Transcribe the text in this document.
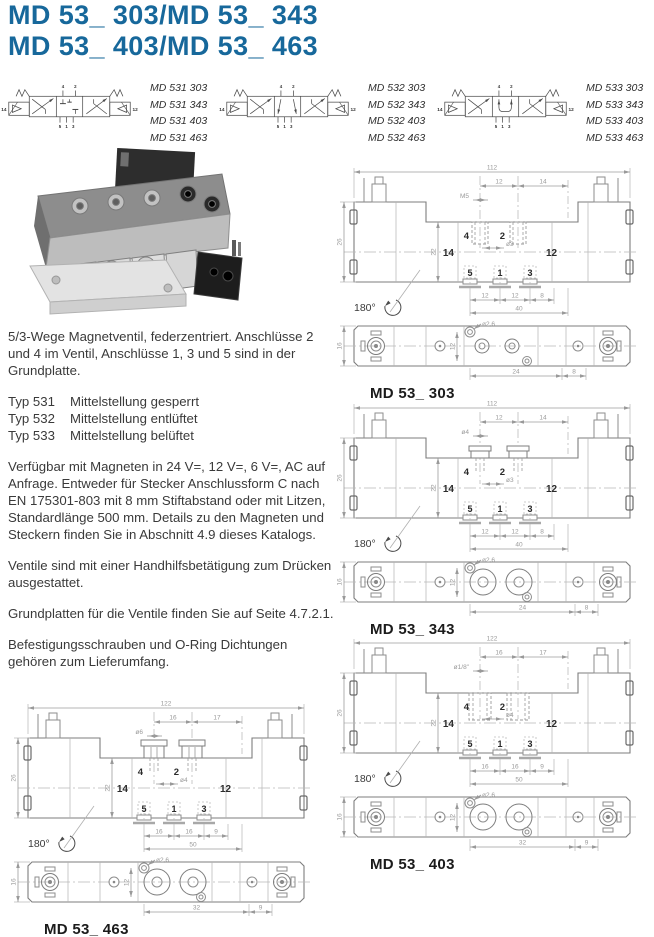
MD 53_ 303/MD 53_ 343
MD 53_ 403/MD 53_ 463
4 2
5 1 3
14	12
MD 531 303
MD 531 343
MD 531 403
MD 531 463
4 2
5 1 3
14	12
MD 532 303
MD 532 343
MD 532 403
MD 532 463
4 2
5 1 3
14	12
MD 533 303
MD 533 343
MD 533 403
MD 533 463

5/3-Wege Magnetventil, federzentriert. Anschlüsse 2 und 4 im Ventil, Anschlüsse 1, 3 und 5 sind in der Grundplatte.

Typ 531	Mittelstellung gesperrt
Typ 532	Mittelstellung entlüftet
Typ 533	Mittelstellung belüftet

Verfügbar mit Magneten in 24 V=, 12 V=, 6 V=, AC auf Anfrage. Entweder für Stecker Anschlussform C nach EN 175301-803 mit 8 mm Stiftabstand oder mit Litzen, Standardlänge 500 mm. Details zu den Magneten und Steckern finden Sie in Abschnitt 4.9 dieses Katalogs.

Ventile sind mit einer Handhilfsbetätigung zum Drücken ausgestattet.

Grundplatten für die Ventile finden Sie auf Seite 4.7.2.1.

Befestigungsschrauben und O-Ring Dichtungen gehören zum Lieferumfang.

112
12	14
M5
4	2
14	12
ø3
5	1	3
12	12	8
40
26
22
180°
ø2,6
12
16
24	8
MD 53_ 303
112
12	14
ø4
4	2
14	12
ø3
5	1	3
12	12	8
40
26
22
180°
ø2,6
12
16
24	8
MD 53_ 343
122
16	17
ø1/8"
4	2
14	12
ø4
5	1	3
16	16	9
50
26
22
180°
ø2,6
12
16
32	9
MD 53_ 403
122
16	17
ø6
4	2
14	12
ø4
5	1	3
16	16	9
50
26
22
180°
ø2,6
12
16
32	9
MD 53_ 463
